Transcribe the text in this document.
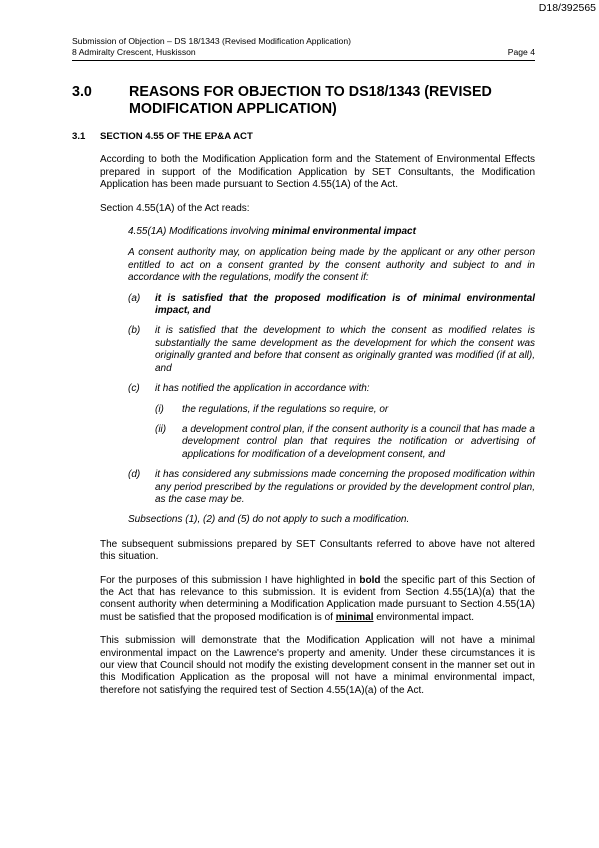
D18/392565
Submission of Objection – DS 18/1343 (Revised Modification Application)
8 Admiralty Crescent, Huskisson	Page 4
3.0	REASONS FOR OBJECTION TO DS18/1343 (REVISED MODIFICATION APPLICATION)
3.1	SECTION 4.55 OF THE EP&A ACT
According to both the Modification Application form and the Statement of Environmental Effects prepared in support of the Modification Application by SET Consultants, the Modification Application has been made pursuant to Section 4.55(1A) of the Act.
Section 4.55(1A) of the Act reads:
4.55(1A) Modifications involving minimal environmental impact
A consent authority may, on application being made by the applicant or any other person entitled to act on a consent granted by the consent authority and subject to and in accordance with the regulations, modify the consent if:
(a)	it is satisfied that the proposed modification is of minimal environmental impact, and
(b)	it is satisfied that the development to which the consent as modified relates is substantially the same development as the development for which the consent was originally granted and before that consent as originally granted was modified (if at all), and
(c)	it has notified the application in accordance with:
(i)	the regulations, if the regulations so require, or
(ii)	a development control plan, if the consent authority is a council that has made a development control plan that requires the notification or advertising of applications for modification of a development consent, and
(d)	it has considered any submissions made concerning the proposed modification within any period prescribed by the regulations or provided by the development control plan, as the case may be.
Subsections (1), (2) and (5) do not apply to such a modification.
The subsequent submissions prepared by SET Consultants referred to above have not altered this situation.
For the purposes of this submission I have highlighted in bold the specific part of this Section of the Act that has relevance to this submission. It is evident from Section 4.55(1A)(a) that the consent authority when determining a Modification Application made pursuant to Section 4.55(1A) must be satisfied that the proposed modification is of minimal environmental impact.
This submission will demonstrate that the Modification Application will not have a minimal environmental impact on the Lawrence's property and amenity. Under these circumstances it is our view that Council should not modify the existing development consent in the manner set out in this Modification Application as the proposal will not have a minimal environmental impact, therefore not satisfying the required test of Section 4.55(1A)(a) of the Act.
